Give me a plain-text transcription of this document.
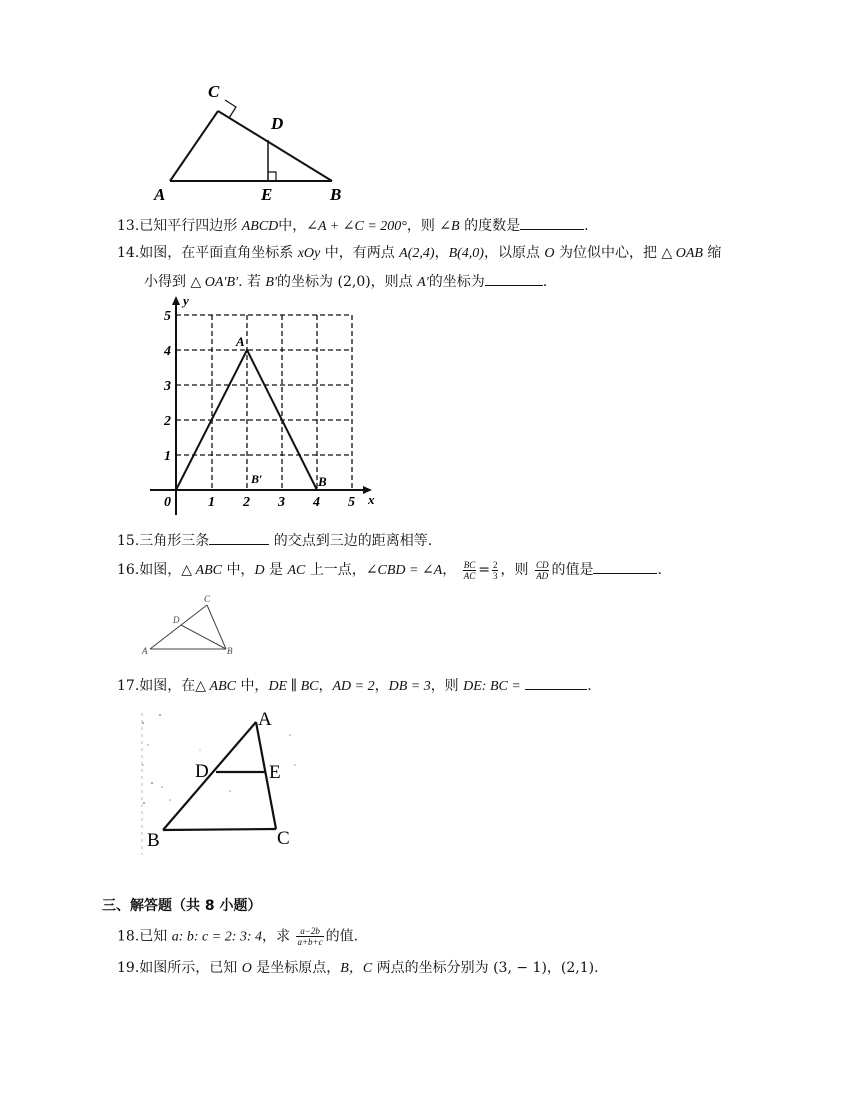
C
D
A	E	B
13.已知平行四边形 ABCD中，∠A + ∠C = 200°，则 ∠B 的度数是	.
14.如图，在平面直角坐标系 xOy 中，有两点 A(2,4)，B(4,0)，以原点 O 为位似中心，把 △ OAB 缩
小得到 △ OA′B′. 若 B′的坐标为 (2,0)，则点 A′的坐标为	.
y
x
0	1 2 3 4 5
1
2
3
4
5
A
B′	B
15.三角形三条	的交点到三边的距离相等.
16.如图，△ ABC 中，D 是 AC 上一点，∠CBD = ∠A， $\frac{BC}{AC} = \frac{2}{3}$ ，则 $\frac{CD}{AD}$ 的值是	.
C
D
A	B
17.如图，在△ ABC 中，DE ∥ BC，AD = 2，DB = 3，则 DE: BC =	.
A
D	E
B	C
三、解答题（共 8 小题）
18.已知 a: b: c = 2: 3: 4，求 $\frac{a-2b}{a+b+c}$ 的值.
19.如图所示，已知 O 是坐标原点，B，C 两点的坐标分别为 (3, − 1)，(2,1).
